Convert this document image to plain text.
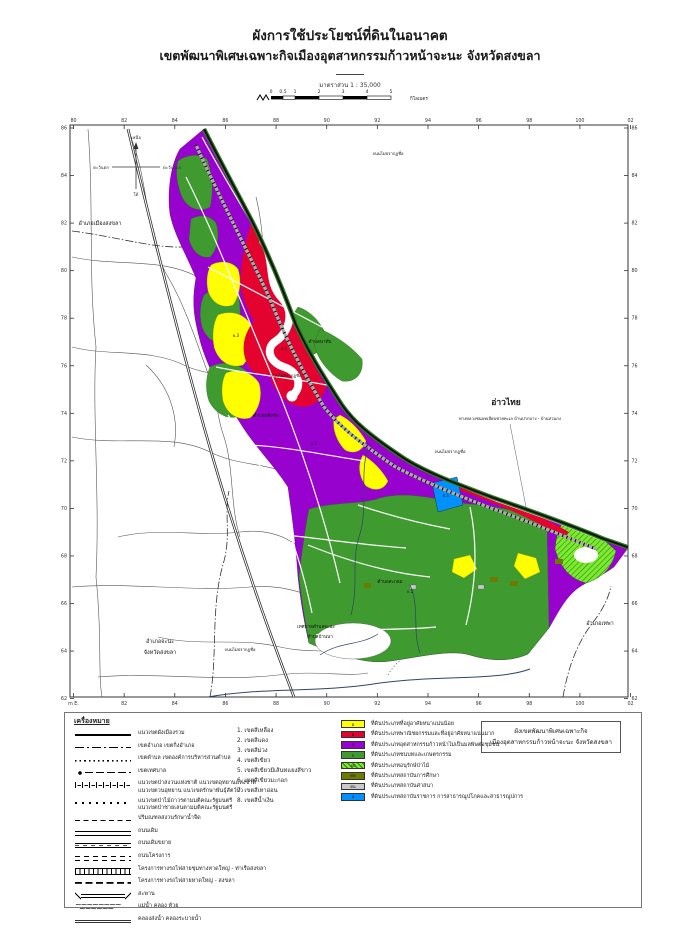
ผังการใช้ประโยชน์ที่ดินในอนาคต
เขตพัฒนาพิเศษเฉพาะกิจเมืองอุตสาหกรรมก้าวหน้าจะนะ จังหวัดสงขลา
มาตราส่วน 1 : 35,000
0 0.5 1	2	3	4	5
กิโลเมตร
80	82	84	86	88	90	92	94	96	98	100	02
m E.	82	84	86	88	90	92	94	96	98	100	02
86
84
82
80
78
76
74
72
70
68
66
64
62
86
84
82
80
78
76
74
72
70
68
66
64
62
เหนือ
ใต้
ตะวันตก	ตะวันออก
อ่าวไทย
อำเภอเมืองสงขลา
อำเภอจะนะ
จังหวัดสงขลา
อำเภอเทพา
เทศบาลตำบลจะนะ
ตำบลบ้านนา
ตำบลนาทับ
ตำบลตลิ่งชัน
ตำบลสะกอม
ถนนไม่ปรากฏชื่อ
ถนนไม่ปรากฏชื่อ
ถนนไม่ปรากฏชื่อ
ถนนไม่ปรากฏชื่อ
ทางหลวงชนบทเลียบชายทะเล บ้านปากบาง - บ้านสวนกง
พ.1
ย.3
อ.2
ก.1
ส.1
เครื่องหมาย
แนวเขตผังเมืองรวม
เขตอำเภอ เขตกิ่งอำเภอ
เขตตำบล เขตองค์การบริหารส่วนตำบล
เขตเทศบาล
แนวเขตป่าสงวนแห่งชาติ แนวเขตอุทยานแห่งชาติ
แนวเขตวนอุทยาน แนวเขตรักษาพันธุ์สัตว์ป่า
แนวเขตป่าไม้ถาวรตามมติคณะรัฐมนตรี
แนวเขตป่าชายเลนตามมติคณะรัฐมนตรี
ปริมณฑลสงวนรักษาน้ำจืด
ถนนเดิม
ถนนเดิมขยาย
ถนนโครงการ
โครงการทางรถไฟสายชุมทางหาดใหญ่ - ท่าเรือสงขลา
โครงการทางรถไฟสายหาดใหญ่ - สงขลา
สะพาน
~~~~~~~~ ~~~~~~
แม่น้ำ คลอง ห้วย
คลองส่งน้ำ คลองระบายน้ำ
1. เขตสีเหลือง
2. เขตสีแดง
3. เขตสีม่วง
4. เขตสีเขียว
5. เขตสีเขียวมีเส้นทแยงสีขาว
6. เขตสีเขียวมะกอก
7. เขตสีเทาอ่อน
8. เขตสีน้ำเงิน
ย	ที่ดินประเภทที่อยู่อาศัยหนาแน่นน้อย
พ	ที่ดินประเภทพาณิชยกรรมและที่อยู่อาศัยหนาแน่นมาก
อ	ที่ดินประเภทอุตสาหกรรมก้าวหน้าไม่เป็นมลพิษต่อชุมชน
ก	ที่ดินประเภทชนบทและเกษตรกรรม
อป	ที่ดินประเภทอนุรักษ์ป่าไม้
ศษ	ที่ดินประเภทสถาบันการศึกษา
ศน	ที่ดินประเภทสถาบันศาสนา
ส	ที่ดินประเภทสถาบันราชการ การสาธารณูปโภคและสาธารณูปการ
ผังเขตพัฒนาพิเศษเฉพาะกิจ
เมืองอุตสาหกรรมก้าวหน้าจะนะ จังหวัดสงขลา
